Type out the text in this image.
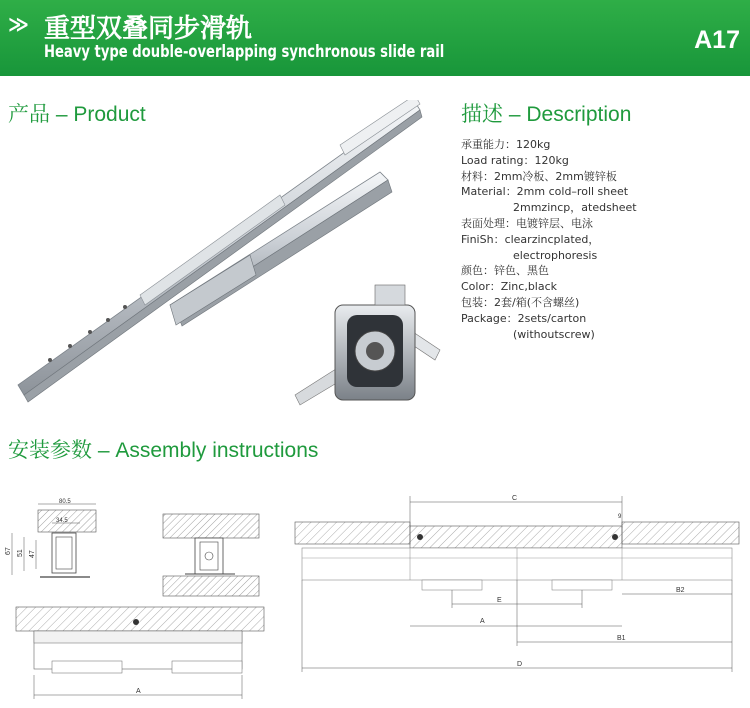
≫ 重型双叠同步滑轨
Heavy type double-overlapping synchronous slide rail	A17
产品 – Product	描述 – Description
安装参数 – Assembly instructions
承重能力：120kg
Load rating：120kg
材料：2mm冷板、2mm镀锌板
Material：2mm cold–roll sheet
2mmzincp，atedsheet
表面处理：电镀锌层、电泳
FiniSh：clearzincplated，
electrophoresis
颜色：锌色、黑色
Color：Zinc,black
包装：2套/箱(不含螺丝)
Package：2sets/carton
(withoutscrew)
80.5
34.5
67 51 47
A
C
9
E
B2
A
B1
D
